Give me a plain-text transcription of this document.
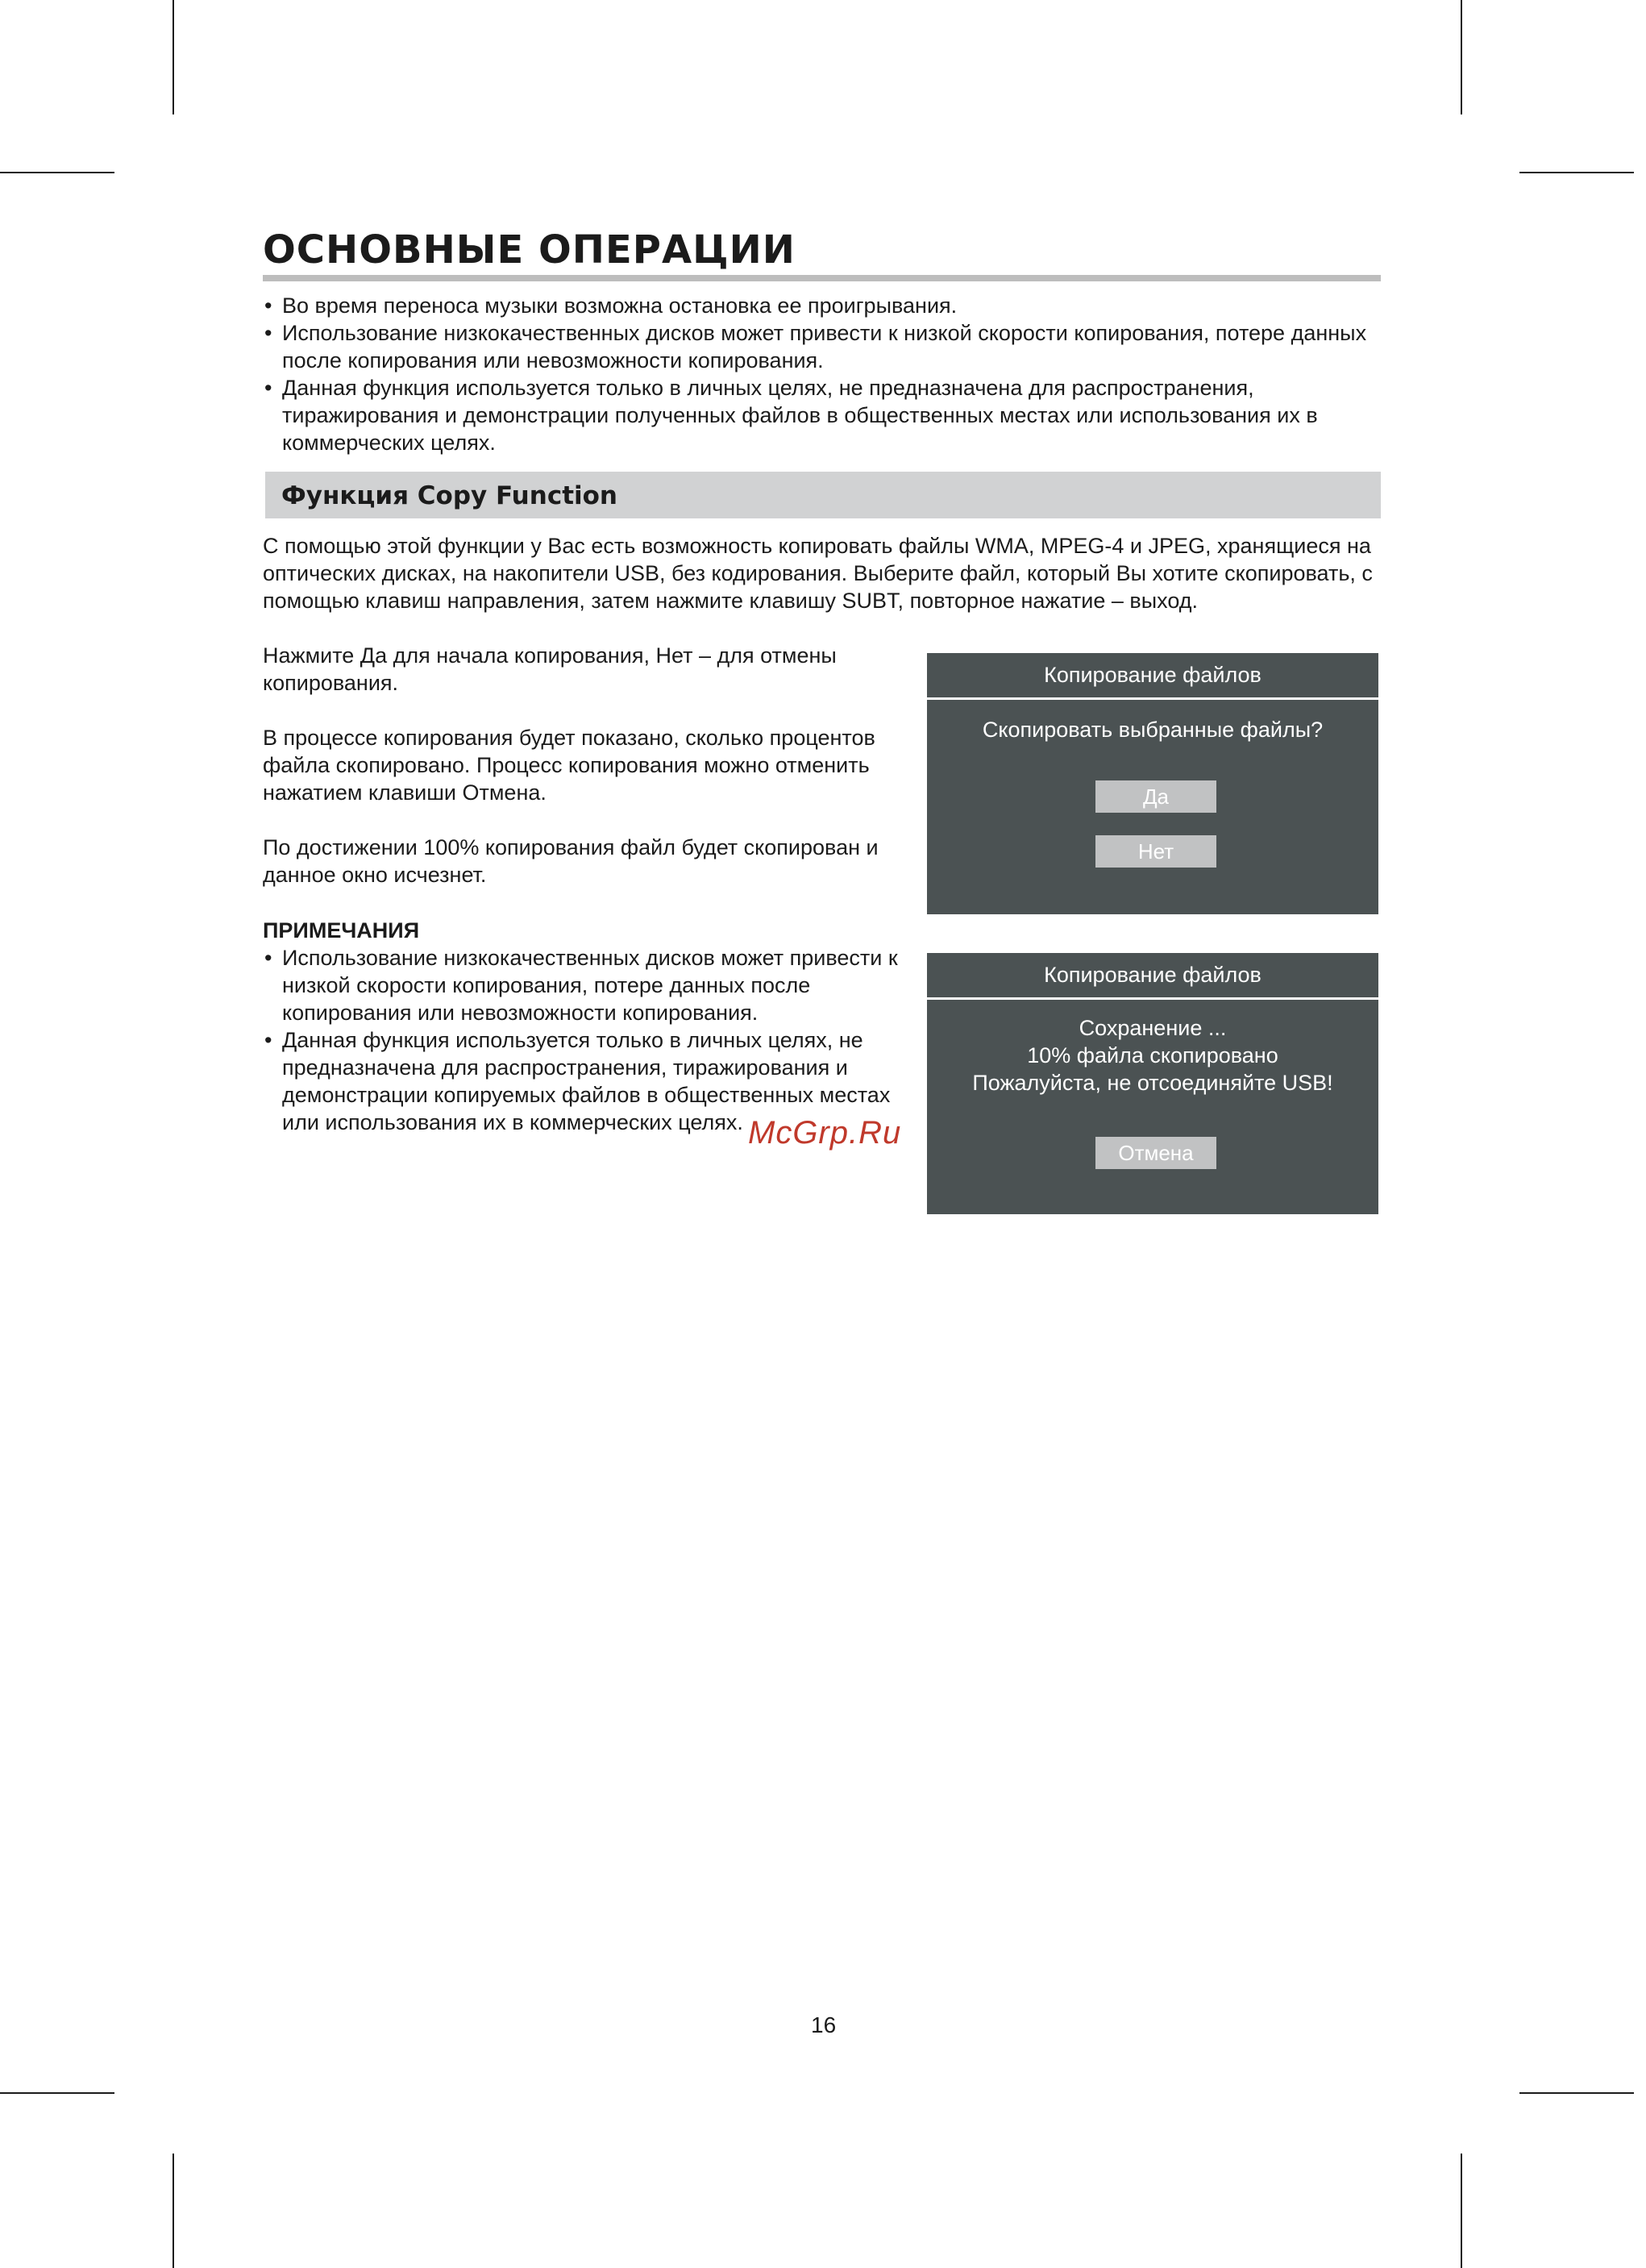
ОСНОВНЫЕ ОПЕРАЦИИ
• Во время переноса музыки возможна остановка ее проигрывания.
• Использование низкокачественных дисков может привести к низкой скорости копирования, потере данных после копирования или невозможности копирования.
• Данная функция используется только в личных целях, не предназначена для распространения, тиражирования и демонстрации полученных файлов в общественных местах или использования их в коммерческих целях.
Функция Copy Function

С помощью этой функции у Вас есть возможность копировать файлы WMA, MPEG-4 и JPEG, хранящиеся на оптических дисках, на накопители USB, без кодирования. Выберите файл, который Вы хотите скопировать, с помощью клавиш направления, затем нажмите клавишу SUBT, повторное нажатие – выход.

Нажмите Да для начала копирования, Нет – для отмены копирования.

В процессе копирования будет показано, сколько процентов файла скопировано. Процесс копирования можно отменить нажатием клавиши Отмена.

По достижении 100% копирования файл будет скопирован и данное окно исчезнет.

ПРИМЕЧАНИЯ
• Использование низкокачественных дисков может привести к низкой скорости копирования, потере данных после копирования или невозможности копирования.
• Данная функция используется только в личных целях, не предназначена для распространения, тиражирования и демонстрации копируемых файлов в общественных местах или использования их в коммерческих целях.
Копирование файлов
Скопировать выбранные файлы?
Да
Нет
Копирование файлов
Сохранение ...
10% файла скопировано
Пожалуйста, не отсоединяйте USB!
Отмена
McGrp.Ru
16
